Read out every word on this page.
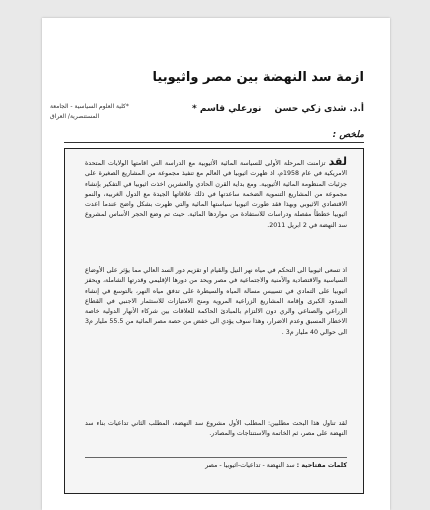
ازمة سد النهضة بين مصر واثيوبيا
أ.د. شذى زكي حسن نورعلي قاسم *
*كلية العلوم السياسية - الجامعة المستنصرية/ العراق
ملخص :

لقد تزامنت المرحلة الأولى للسياسة المائية الأثيوبية مع الدراسة التي اقامتها الولايات المتحدة الامريكية في عام 1958م، اذ ظهرت اثيوبيا في العالم مع تنفيذ مجموعة من المشاريع الصغيرة على جزئيات المنظومة المائية الأثيوبية. ومع بداية القرن الحادي والعشرين اخذت اثيوبيا في التفكير بإنشاء مجموعة من المشاريع التنموية الضخمة ساعدتها في ذلك علاقاتها الجيدة مع الدول الغربية، والنمو الاقتصادي الاثيوبي وبهذا فقد طورت اثيوبيا سياستها المائية والتي ظهرت بشكل واضح عندما اعدت اثيوبيا خططاً مفصلة ودراسات للاستفادة من مواردها المائية. حيث تم وضع الحجر الأساس لمشروع سد النهضة في 2 ابريل 2011.

اذ تسعى اثيوبيا الى التحكم في مياه نهر النيل والقيام او تقزيم دور السد العالي مما يؤثر على الأوضاع السياسية والاقتصادية والأمنية والاجتماعية في مصر ويحد من دورها الإقليمي وقدرتها الشاملة، ويحفز اثيوبيا على التمادي في تسييس مسالة المياه والسيطرة على تدفق مياه النهر، بالتوسع في إنشاء السدود الكبرى وإقامة المشاريع الزراعية المروية ومنح الامتيازات للاستثمار الاجنبي في القطاع الزراعي والصناعي والري دون الالتزام بالمبادئ الحاكمة للعلاقات بين شركاء الأنهار الدولية خاصة الاخطار المسبق وعدم الاضرار، وهذا سوف يؤدي الى خفض من حصة مصر المائية من 55.5 مليار م3 الى حوالي 40 مليار م3 .

لقد تناول هذا البحث مطلبين: المطلب الأول مشروع سد النهضة، المطلب الثاني تداعيات بناء سد النهضة على مصر، ثم الخاتمة والاستنتاجات والمصادر.

كلمات مفتاحية : سد النهضة - تداعيات-اثيوبيا - مصر
